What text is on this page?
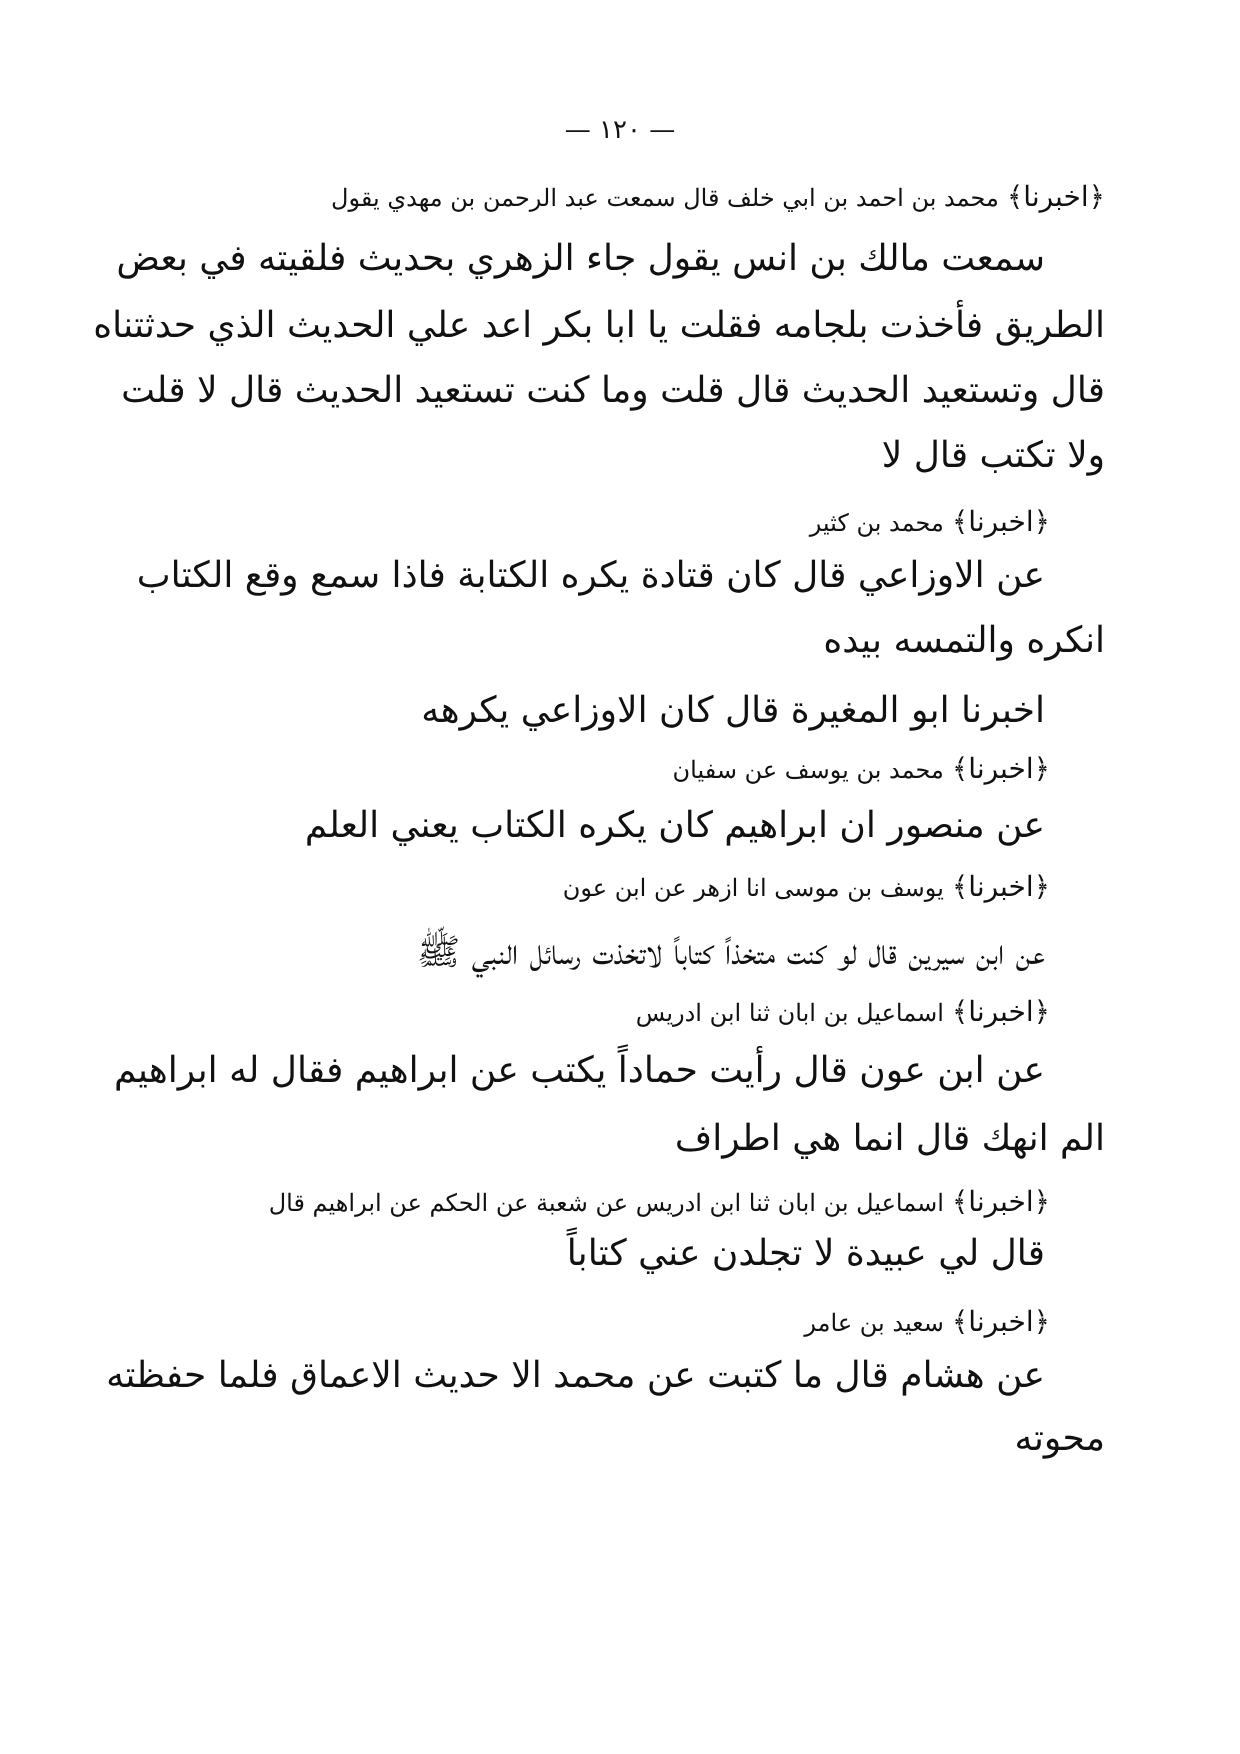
— ١٢٠ —
﴿اخبرنا﴾محمد بن احمد بن ابي خلف قال سمعت عبد الرحمن بن مهدي يقول
سمعت مالك بن انس يقول جاء الزهري بحديث فلقيته في بعض
الطريق فأخذت بلجامه فقلت يا ابا بكر اعد علي الحديث الذي حدثتناه
قال وتستعيد الحديث قال قلت وما كنت تستعيد الحديث قال لا قلت
ولا تكتب قال لا
﴿اخبرنا﴾محمد بن كثير
عن الاوزاعي قال كان قتادة يكره الكتابة فاذا سمع وقع الكتاب
انكره والتمسه بيده
اخبرنا ابو المغيرة قال كان الاوزاعي يكرهه
﴿اخبرنا﴾محمد بن يوسف عن سفيان
عن منصور ان ابراهيم كان يكره الكتاب يعني العلم
﴿اخبرنا﴾يوسف بن موسى انا ازهر عن ابن عون
عن ابن سيرين قال لو كنت متخذاً كتاباً لاتخذت رسائل النبي ﷺ
﴿اخبرنا﴾اسماعيل بن ابان ثنا ابن ادريس
عن ابن عون قال رأيت حماداً يكتب عن ابراهيم فقال له ابراهيم
الم انهك قال انما هي اطراف
﴿اخبرنا﴾اسماعيل بن ابان ثنا ابن ادريس عن شعبة عن الحكم عن ابراهيم قال
قال لي عبيدة لا تجلدن عني كتاباً
﴿اخبرنا﴾سعيد بن عامر
عن هشام قال ما كتبت عن محمد الا حديث الاعماق فلما حفظته
محوته
